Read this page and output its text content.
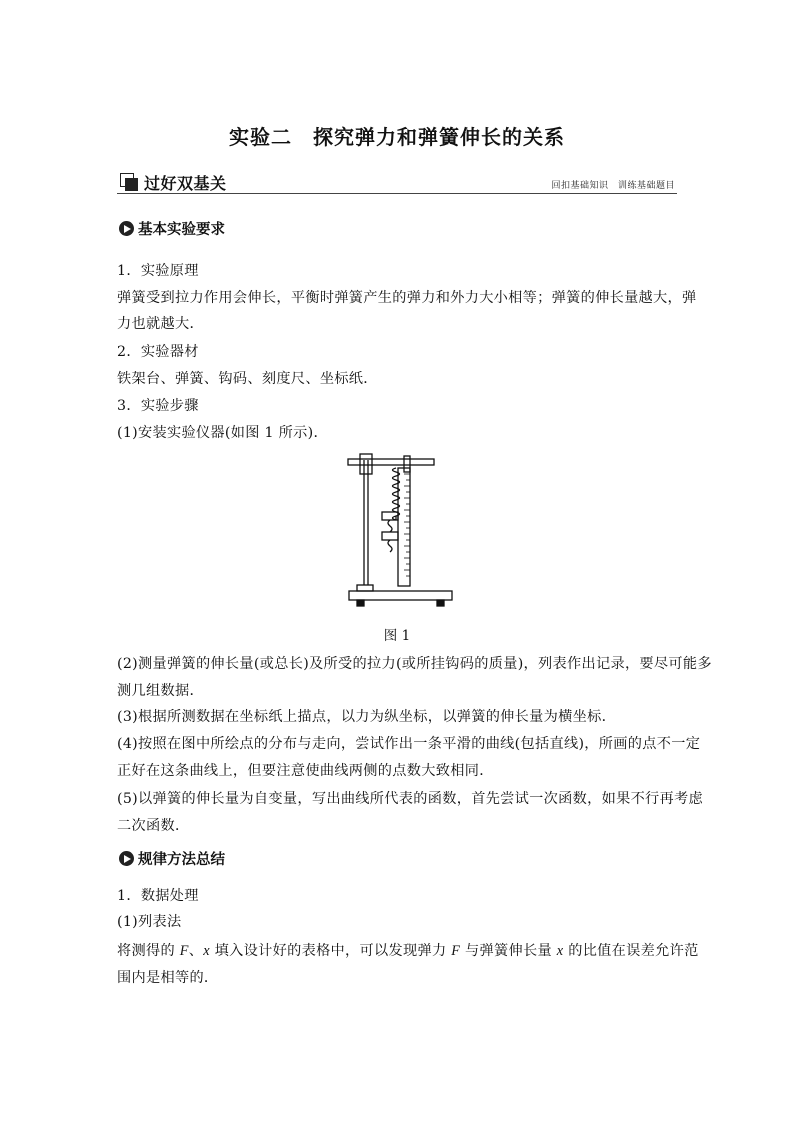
实验二　探究弹力和弹簧伸长的关系
过好双基关	回扣基础知识　训练基础题目
基本实验要求
1．实验原理
弹簧受到拉力作用会伸长，平衡时弹簧产生的弹力和外力大小相等；弹簧的伸长量越大，弹
力也就越大．
2．实验器材
铁架台、弹簧、钩码、刻度尺、坐标纸．
3．实验步骤
(1)安装实验仪器(如图 1 所示)．
图 1
(2)测量弹簧的伸长量(或总长)及所受的拉力(或所挂钩码的质量)，列表作出记录，要尽可能多
测几组数据．
(3)根据所测数据在坐标纸上描点，以力为纵坐标，以弹簧的伸长量为横坐标．
(4)按照在图中所绘点的分布与走向，尝试作出一条平滑的曲线(包括直线)，所画的点不一定
正好在这条曲线上，但要注意使曲线两侧的点数大致相同．
(5)以弹簧的伸长量为自变量，写出曲线所代表的函数，首先尝试一次函数，如果不行再考虑
二次函数．
规律方法总结
1．数据处理
(1)列表法
将测得的 F、x 填入设计好的表格中，可以发现弹力 F 与弹簧伸长量 x 的比值在误差允许范
围内是相等的．
